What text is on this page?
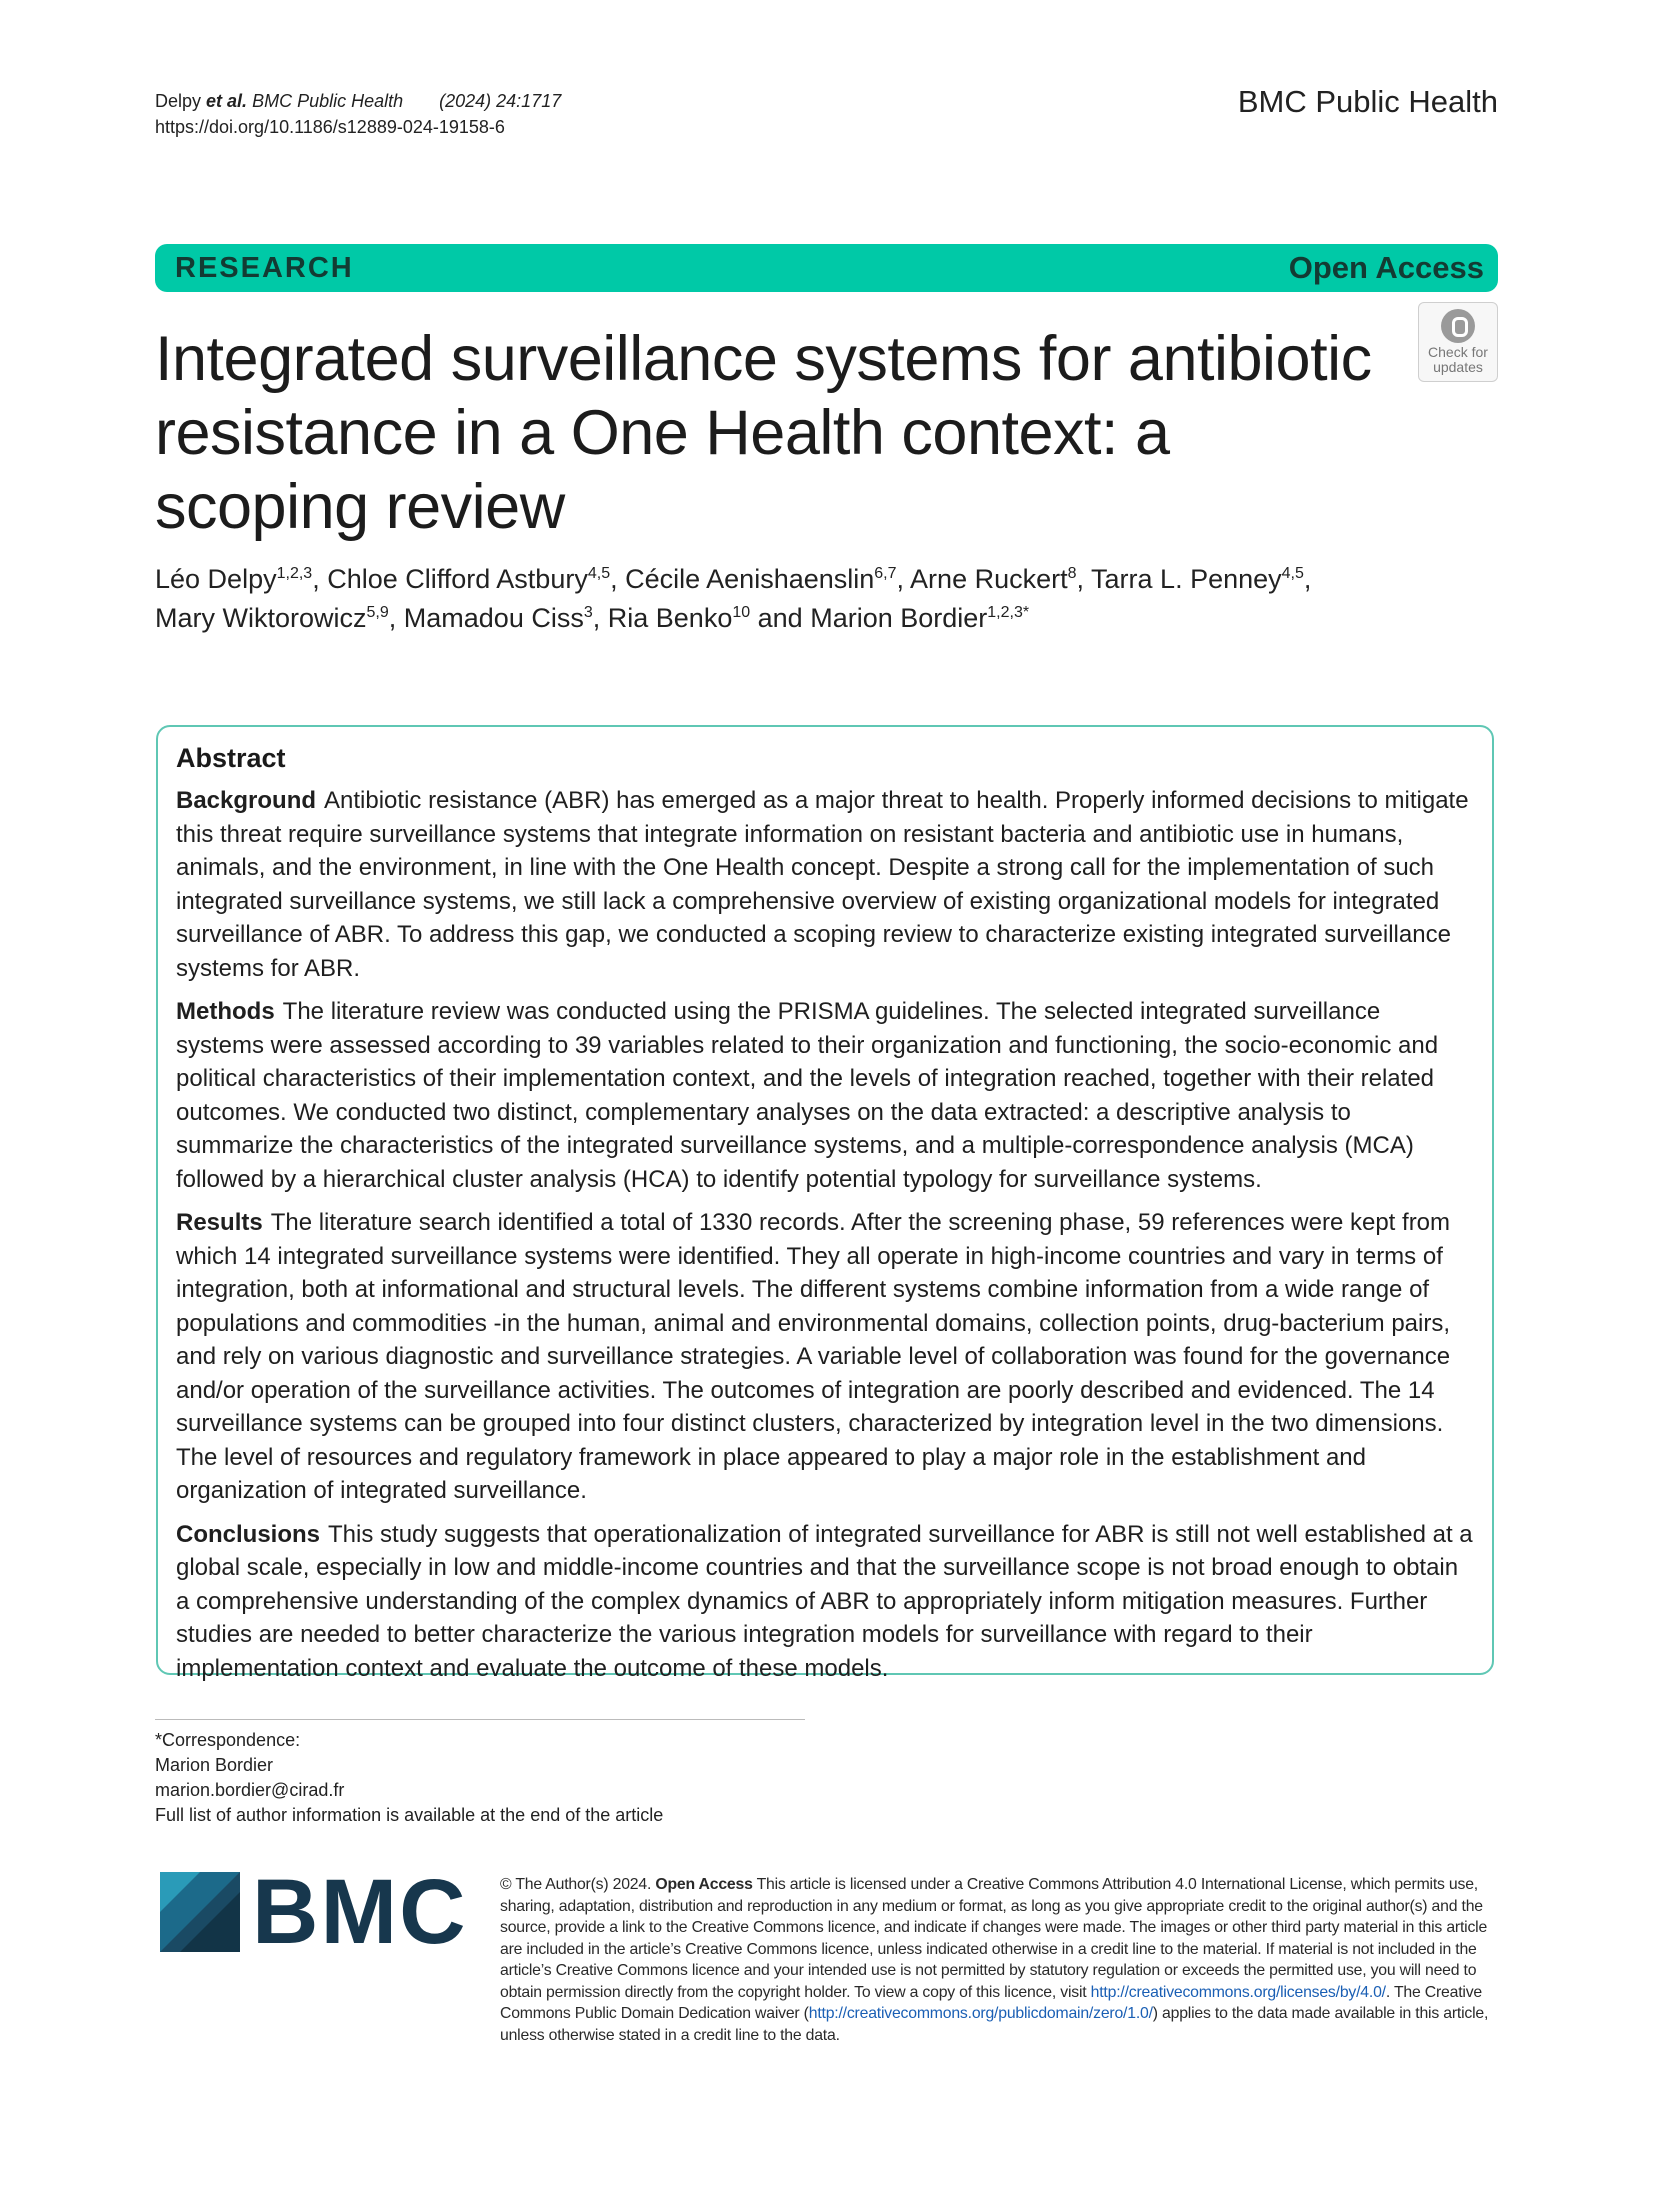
Delpy et al. BMC Public Health (2024) 24:1717
https://doi.org/10.1186/s12889-024-19158-6
BMC Public Health
RESEARCH	Open Access
Integrated surveillance systems for antibiotic resistance in a One Health context: a scoping review
Check for
updates
Léo Delpy$^{1,2,3}$, Chloe Clifford Astbury$^{4,5}$, Cécile Aenishaenslin$^{6,7}$, Arne Ruckert$^8$, Tarra L. Penney$^{4,5}$,
Mary Wiktorowicz$^{5,9}$, Mamadou Ciss$^3$, Ria Benko$^{10}$ and Marion Bordier$^{1,2,3*}$
Abstract

Background Antibiotic resistance (ABR) has emerged as a major threat to health. Properly informed decisions to mitigate this threat require surveillance systems that integrate information on resistant bacteria and antibiotic use in humans, animals, and the environment, in line with the One Health concept. Despite a strong call for the implementation of such integrated surveillance systems, we still lack a comprehensive overview of existing organizational models for integrated surveillance of ABR. To address this gap, we conducted a scoping review to characterize existing integrated surveillance systems for ABR.

Methods The literature review was conducted using the PRISMA guidelines. The selected integrated surveillance systems were assessed according to 39 variables related to their organization and functioning, the socio-economic and political characteristics of their implementation context, and the levels of integration reached, together with their related outcomes. We conducted two distinct, complementary analyses on the data extracted: a descriptive analysis to summarize the characteristics of the integrated surveillance systems, and a multiple-correspondence analysis (MCA) followed by a hierarchical cluster analysis (HCA) to identify potential typology for surveillance systems.

Results The literature search identified a total of 1330 records. After the screening phase, 59 references were kept from which 14 integrated surveillance systems were identified. They all operate in high-income countries and vary in terms of integration, both at informational and structural levels. The different systems combine information from a wide range of populations and commodities -in the human, animal and environmental domains, collection points, drug-bacterium pairs, and rely on various diagnostic and surveillance strategies. A variable level of collaboration was found for the governance and/or operation of the surveillance activities. The outcomes of integration are poorly described and evidenced. The 14 surveillance systems can be grouped into four distinct clusters, characterized by integration level in the two dimensions. The level of resources and regulatory framework in place appeared to play a major role in the establishment and organization of integrated surveillance.

Conclusions This study suggests that operationalization of integrated surveillance for ABR is still not well established at a global scale, especially in low and middle-income countries and that the surveillance scope is not broad enough to obtain a comprehensive understanding of the complex dynamics of ABR to appropriately inform mitigation measures. Further studies are needed to better characterize the various integration models for surveillance with regard to their implementation context and evaluate the outcome of these models.

*Correspondence:
Marion Bordier
marion.bordier@cirad.fr
Full list of author information is available at the end of the article
BMC © The Author(s) 2024. Open Access This article is licensed under a Creative Commons Attribution 4.0 International License, which permits use, sharing, adaptation, distribution and reproduction in any medium or format, as long as you give appropriate credit to the original author(s) and the source, provide a link to the Creative Commons licence, and indicate if changes were made. The images or other third party material in this article are included in the article’s Creative Commons licence, unless indicated otherwise in a credit line to the material. If material is not included in the article’s Creative Commons licence and your intended use is not permitted by statutory regulation or exceeds the permitted use, you will need to obtain permission directly from the copyright holder. To view a copy of this licence, visit http://creativecommons.org/licenses/by/4.0/. The Creative Commons Public Domain Dedication waiver (http://creativecommons.org/publicdomain/zero/1.0/) applies to the data made available in this article, unless otherwise stated in a credit line to the data.
